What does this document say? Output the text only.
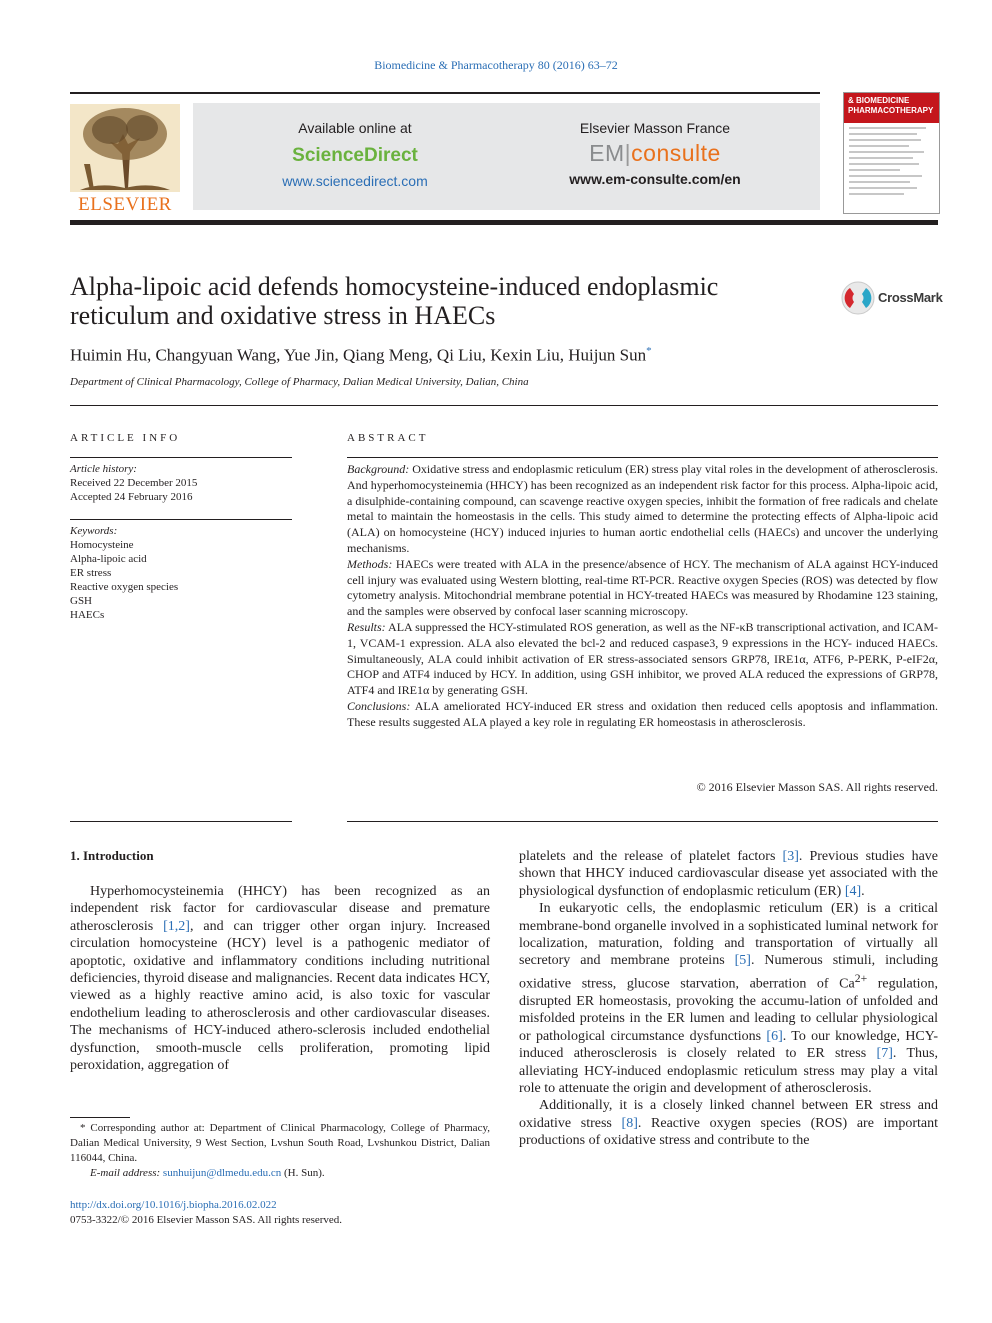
Biomedicine & Pharmacotherapy 80 (2016) 63–72
ELSEVIER
Available online at
ScienceDirect
www.sciencedirect.com
Elsevier Masson France
EM|consulte
www.em-consulte.com/en
& BIOMEDICINE PHARMACOTHERAPY
Alpha-lipoic acid defends homocysteine-induced endoplasmic reticulum and oxidative stress in HAECs
CrossMark
Huimin Hu, Changyuan Wang, Yue Jin, Qiang Meng, Qi Liu, Kexin Liu, Huijun Sun*
Department of Clinical Pharmacology, College of Pharmacy, Dalian Medical University, Dalian, China
ARTICLE INFO	ABSTRACT
Article history:
Received 22 December 2015
Accepted 24 February 2016
Keywords:
Homocysteine
Alpha-lipoic acid
ER stress
Reactive oxygen species
GSH
HAECs

Background: Oxidative stress and endoplasmic reticulum (ER) stress play vital roles in the development of atherosclerosis. And hyperhomocysteinemia (HHCY) has been recognized as an independent risk factor for this process. Alpha-lipoic acid, a disulphide-containing compound, can scavenge reactive oxygen species, inhibit the formation of free radicals and chelate metal to maintain the homeostasis in the cells. This study aimed to determine the protecting effects of Alpha-lipoic acid (ALA) on homocysteine (HCY) induced injuries to human aortic endothelial cells (HAECs) and uncover the underlying mechanisms.

Methods: HAECs were treated with ALA in the presence/absence of HCY. The mechanism of ALA against HCY-induced cell injury was evaluated using Western blotting, real-time RT-PCR. Reactive oxygen Species (ROS) was detected by flow cytometry analysis. Mitochondrial membrane potential in HCY-treated HAECs was measured by Rhodamine 123 staining, and the samples were observed by confocal laser scanning microscopy.

Results: ALA suppressed the HCY-stimulated ROS generation, as well as the NF-κB transcriptional activation, and ICAM-1, VCAM-1 expression. ALA also elevated the bcl-2 and reduced caspase3, 9 expressions in the HCY- induced HAECs. Simultaneously, ALA could inhibit activation of ER stress-associated sensors GRP78, IRE1α, ATF6, P-PERK, P-eIF2α, CHOP and ATF4 induced by HCY. In addition, using GSH inhibitor, we proved ALA reduced the expressions of GRP78, ATF4 and IRE1α by generating GSH.

Conclusions: ALA ameliorated HCY-induced ER stress and oxidation then reduced cells apoptosis and inflammation. These results suggested ALA played a key role in regulating ER homeostasis in atherosclerosis.

© 2016 Elsevier Masson SAS. All rights reserved.
1. Introduction

Hyperhomocysteinemia (HHCY) has been recognized as an independent risk factor for cardiovascular disease and premature atherosclerosis [1,2], and can trigger other organ injury. Increased circulation homocysteine (HCY) level is a pathogenic mediator of apoptotic, oxidative and inflammatory conditions including nutritional deficiencies, thyroid disease and malignancies. Recent data indicates HCY, viewed as a highly reactive amino acid, is also toxic for vascular endothelium leading to atherosclerosis and other cardiovascular diseases. The mechanisms of HCY-induced athero-sclerosis included endothelial dysfunction, smooth-muscle cells proliferation, promoting lipid peroxidation, aggregation of

platelets and the release of platelet factors [3]. Previous studies have shown that HHCY induced cardiovascular disease yet associated with the physiological dysfunction of endoplasmic reticulum (ER) [4].

In eukaryotic cells, the endoplasmic reticulum (ER) is a critical membrane-bond organelle involved in a sophisticated luminal network for localization, maturation, folding and transportation of virtually all secretory and membrane proteins [5]. Numerous stimuli, including oxidative stress, glucose starvation, aberration of $Ca^{2+}$ regulation, disrupted ER homeostasis, provoking the accumu-lation of unfolded and misfolded proteins in the ER lumen and leading to cellular physiological or pathological circumstance dysfunctions [6]. To our knowledge, HCY-induced atherosclerosis is closely related to ER stress [7]. Thus, alleviating HCY-induced endoplasmic reticulum stress may play a vital role to attenuate the origin and development of atherosclerosis.

Additionally, it is a closely linked channel between ER stress and oxidative stress [8]. Reactive oxygen species (ROS) are important productions of oxidative stress and contribute to the

* Corresponding author at: Department of Clinical Pharmacology, College of Pharmacy, Dalian Medical University, 9 West Section, Lvshun South Road, Lvshunkou District, Dalian 116044, China.
E-mail address: sunhuijun@dlmedu.edu.cn (H. Sun).
http://dx.doi.org/10.1016/j.biopha.2016.02.022
0753-3322/© 2016 Elsevier Masson SAS. All rights reserved.
